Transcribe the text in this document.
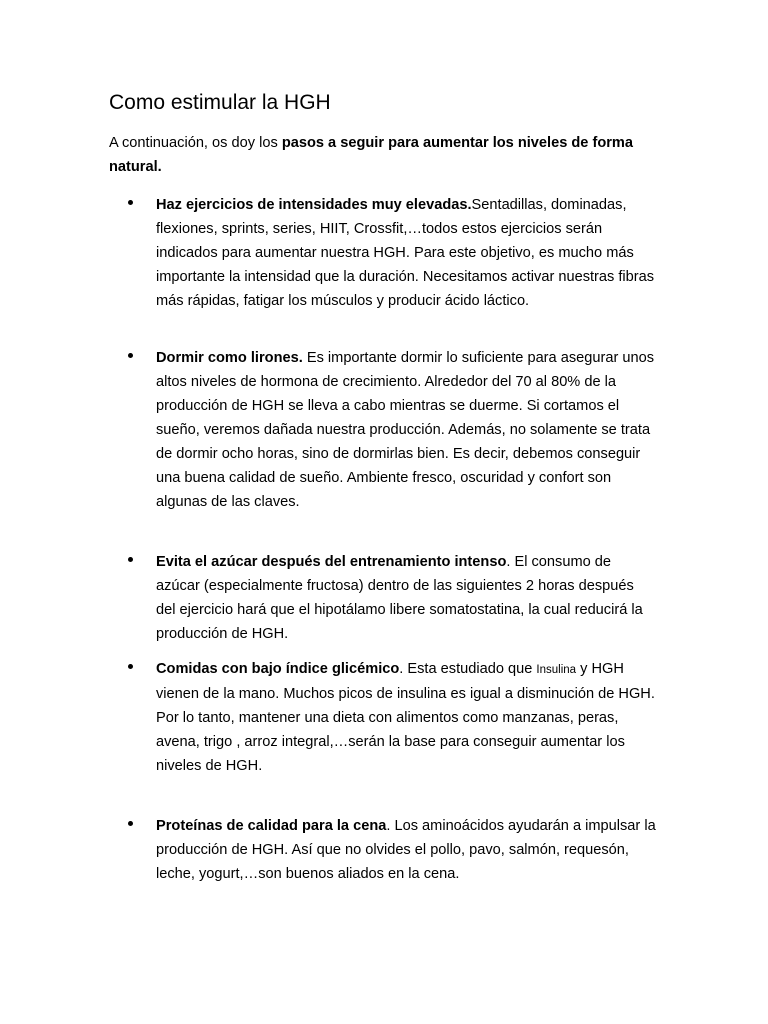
Como estimular la HGH

A continuación, os doy los pasos a seguir para aumentar los niveles de forma natural.

Haz ejercicios de intensidades muy elevadas.Sentadillas, dominadas, flexiones, sprints, series, HIIT, Crossfit,…todos estos ejercicios serán indicados para aumentar nuestra HGH. Para este objetivo, es mucho más importante la intensidad que la duración. Necesitamos activar nuestras fibras más rápidas, fatigar los músculos y producir ácido láctico.

Dormir como lirones. Es importante dormir lo suficiente para asegurar unos altos niveles de hormona de crecimiento. Alrededor del 70 al 80% de la producción de HGH se lleva a cabo mientras se duerme. Si cortamos el sueño, veremos dañada nuestra producción. Además, no solamente se trata de dormir ocho horas, sino de dormirlas bien. Es decir, debemos conseguir una buena calidad de sueño. Ambiente fresco, oscuridad y confort son algunas de las claves.

Evita el azúcar después del entrenamiento intenso. El consumo de azúcar (especialmente fructosa) dentro de las siguientes 2 horas después del ejercicio hará que el hipotálamo libere somatostatina, la cual reducirá la producción de HGH.

Comidas con bajo índice glicémico. Esta estudiado que Insulina y HGH vienen de la mano. Muchos picos de insulina es igual a disminución de HGH. Por lo tanto, mantener una dieta con alimentos como manzanas, peras, avena, trigo , arroz integral,…serán la base para conseguir aumentar los niveles de HGH.

Proteínas de calidad para la cena. Los aminoácidos ayudarán a impulsar la producción de HGH. Así que no olvides el pollo, pavo, salmón, requesón, leche, yogurt,…son buenos aliados en la cena.
